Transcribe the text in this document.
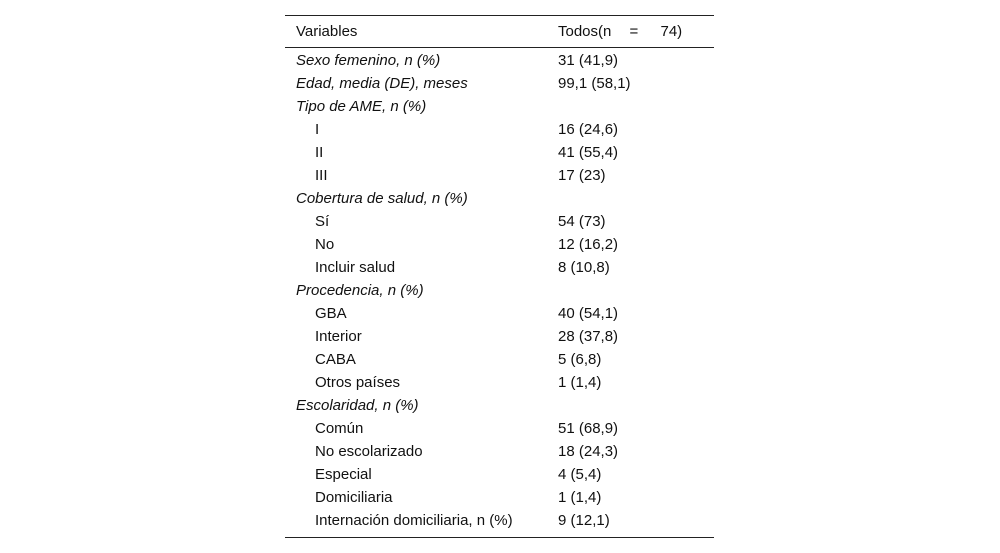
Variables	Todos(n = 74)
Sexo femenino, n (%)	31 (41,9)
Edad, media (DE), meses	99,1 (58,1)
Tipo de AME, n (%)
I	16 (24,6)
II	41 (55,4)
III	17 (23)
Cobertura de salud, n (%)
Sí	54 (73)
No	12 (16,2)
Incluir salud	8 (10,8)
Procedencia, n (%)
GBA	40 (54,1)
Interior	28 (37,8)
CABA	5 (6,8)
Otros países	1 (1,4)
Escolaridad, n (%)
Común	51 (68,9)
No escolarizado	18 (24,3)
Especial	4 (5,4)
Domiciliaria	1 (1,4)
Internación domiciliaria, n (%)	9 (12,1)
